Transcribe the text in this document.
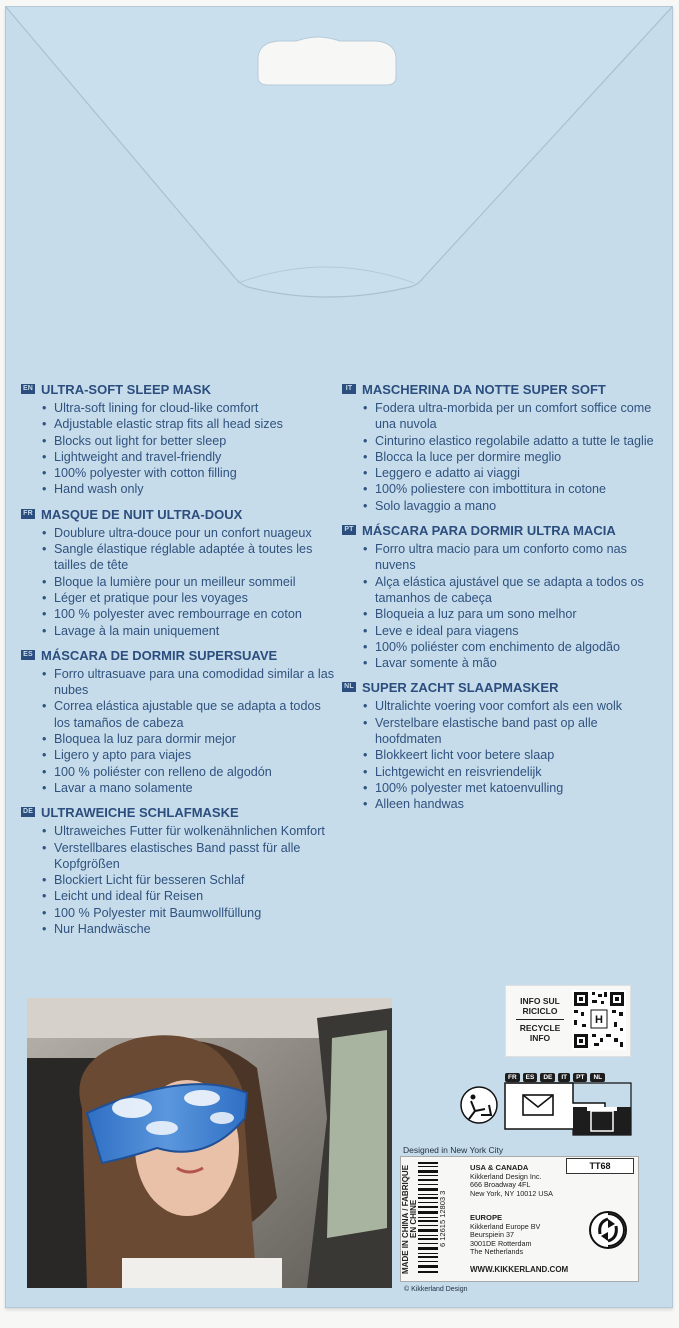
EN ULTRA-SOFT SLEEP MASK
• Ultra-soft lining for cloud-like comfort
• Adjustable elastic strap fits all head sizes
• Blocks out light for better sleep
• Lightweight and travel-friendly
• 100% polyester with cotton filling
• Hand wash only
FR MASQUE DE NUIT ULTRA-DOUX
• Doublure ultra-douce pour un confort nuageux
• Sangle élastique réglable adaptée à toutes les tailles de tête
• Bloque la lumière pour un meilleur sommeil
• Léger et pratique pour les voyages
• 100 % polyester avec rembourrage en coton
• Lavage à la main uniquement
ES MÁSCARA DE DORMIR SUPERSUAVE
• Forro ultrasuave para una comodidad similar a las nubes
• Correa elástica ajustable que se adapta a todos los tamaños de cabeza
• Bloquea la luz para dormir mejor
• Ligero y apto para viajes
• 100 % poliéster con relleno de algodón
• Lavar a mano solamente
DE ULTRAWEICHE SCHLAFMASKE
• Ultraweiches Futter für wolkenähnlichen Komfort
• Verstellbares elastisches Band passt für alle Kopfgrößen
• Blockiert Licht für besseren Schlaf
• Leicht und ideal für Reisen
• 100 % Polyester mit Baumwollfüllung
• Nur Handwäsche
IT MASCHERINA DA NOTTE SUPER SOFT
• Fodera ultra-morbida per un comfort soffice come una nuvola
• Cinturino elastico regolabile adatto a tutte le taglie
• Blocca la luce per dormire meglio
• Leggero e adatto ai viaggi
• 100% poliestere con imbottitura in cotone
• Solo lavaggio a mano
PT MÁSCARA PARA DORMIR ULTRA MACIA
• Forro ultra macio para um conforto como nas nuvens
• Alça elástica ajustável que se adapta a todos os tamanhos de cabeça
• Bloqueia a luz para um sono melhor
• Leve e ideal para viagens
• 100% poliéster com enchimento de algodão
• Lavar somente à mão
NL SUPER ZACHT SLAAPMASKER
• Ultralichte voering voor comfort als een wolk
• Verstelbare elastische band past op alle hoofdmaten
• Blokkeert licht voor betere slaap
• Lichtgewicht en reisvriendelijk
• 100% polyester met katoenvulling
• Alleen handwas
INFO SUL
RICICLO
RECYCLE
INFO
H
FR	ES	DE	IT	PT	NL
Designed in New York City
MADE IN CHINA / FABRIQUE EN CHINE	6 12615 12803 3
USA & CANADA
Kikkerland Design Inc.
666 Broadway 4FL
New York, NY 10012 USA
EUROPE
Kikkerland Europe BV
Beurspiein 37
3001DE Rotterdam
The Netherlands
TT68
WWW.KIKKERLAND.COM
© Kikkerland Design
